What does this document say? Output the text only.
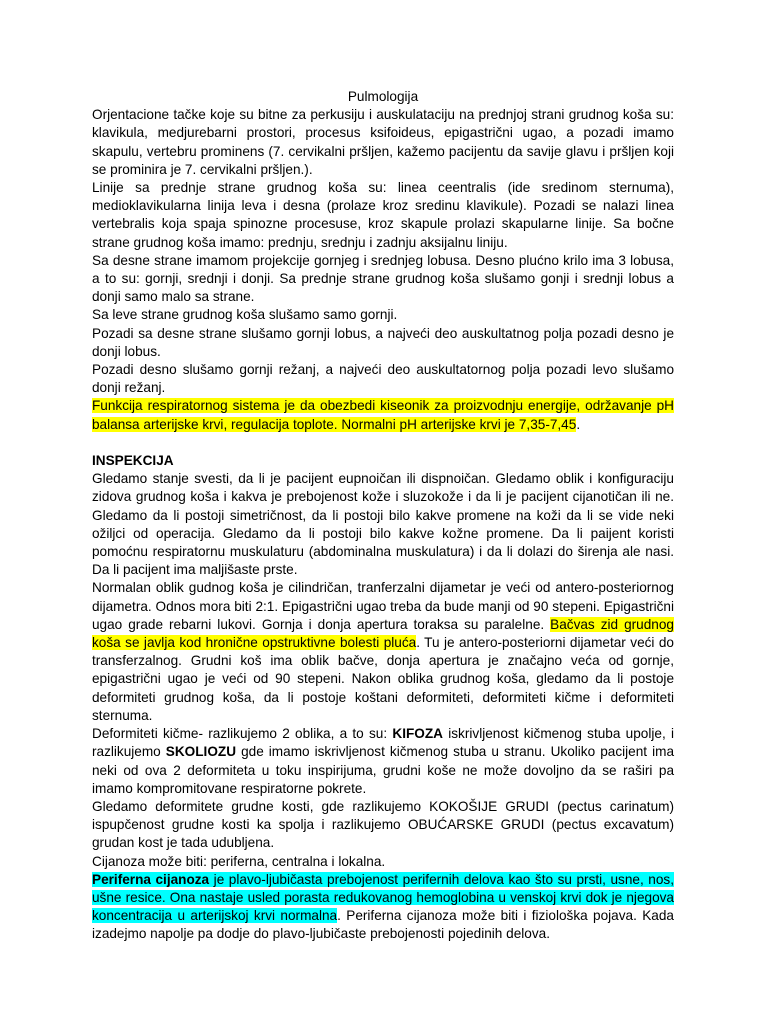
Pulmologija

Orjentacione tačke koje su bitne za perkusiju i auskulataciju na prednjoj strani grudnog koša su: klavikula, medjurebarni prostori, procesus ksifoideus, epigastrični ugao, a pozadi imamo skapulu, vertebru prominens (7. cervikalni pršljen, kažemo pacijentu da savije glavu i pršljen koji se prominira je 7. cervikalni pršljen.).

Linije sa prednje strane grudnog koša su: linea ceentralis (ide sredinom sternuma), medioklavikularna linija leva i desna (prolaze kroz sredinu klavikule). Pozadi se nalazi linea vertebralis koja spaja spinozne procesuse, kroz skapule prolazi skapularne linije. Sa bočne strane grudnog koša imamo: prednju, srednju i zadnju aksijalnu liniju.

Sa desne strane imamom projekcije gornjeg i srednjeg lobusa. Desno plućno krilo ima 3 lobusa, a to su: gornji, srednji i donji. Sa prednje strane grudnog koša slušamo gonji i srednji lobus a donji samo malo sa strane.

Sa leve strane grudnog koša slušamo samo gornji.

Pozadi sa desne strane slušamo gornji lobus, a najveći deo auskultatnog polja pozadi desno je donji lobus.

Pozadi desno slušamo gornji režanj, a najveći deo auskultatornog polja pozadi levo slušamo donji režanj.

Funkcija respiratornog sistema je da obezbedi kiseonik za proizvodnju energije, održavanje pH balansa arterijske krvi, regulacija toplote. Normalni pH arterijske krvi je 7,35-7,45.

INSPEKCIJA

Gledamo stanje svesti, da li je pacijent eupnoičan ili dispnoičan. Gledamo oblik i konfiguraciju zidova grudnog koša i kakva je prebojenost kože i sluzokože i da li je pacijent cijanotičan ili ne. Gledamo da li postoji simetričnost, da li postoji bilo kakve promene na koži da li se vide neki ožiljci od operacija. Gledamo da li postoji bilo kakve kožne promene. Da li paijent koristi pomoćnu respiratornu muskulaturu (abdominalna muskulatura) i da li dolazi do širenja ale nasi. Da li pacijent ima maljišaste prste.

Normalan oblik gudnog koša je cilindričan, tranferzalni dijametar je veći od antero-posteriornog dijametra. Odnos mora biti 2:1. Epigastrični ugao treba da bude manji od 90 stepeni. Epigastrični ugao grade rebarni lukovi. Gornja i donja apertura toraksa su paralelne. Bačvas zid grudnog koša se javlja kod hronične opstruktivne bolesti pluća. Tu je antero-posteriorni dijametar veći do transferzalnog. Grudni koš ima oblik bačve, donja apertura je značajno veća od gornje, epigastrični ugao je veći od 90 stepeni. Nakon oblika grudnog koša, gledamo da li postoje deformiteti grudnog koša, da li postoje koštani deformiteti, deformiteti kičme i deformiteti sternuma.

Deformiteti kičme- razlikujemo 2 oblika, a to su: KIFOZA iskrivljenost kičmenog stuba upolje, i razlikujemo SKOLIOZU gde imamo iskrivljenost kičmenog stuba u stranu. Ukoliko pacijent ima neki od ova 2 deformiteta u toku inspirijuma, grudni koše ne može dovoljno da se raširi pa imamo kompromitovane respiratorne pokrete.

Gledamo deformitete grudne kosti, gde razlikujemo KOKOŠIJE GRUDI (pectus carinatum) ispupčenost grudne kosti ka spolja i razlikujemo OBUĆARSKE GRUDI (pectus excavatum) grudan kost je tada udubljena.

Cijanoza može biti: periferna, centralna i lokalna.

Periferna cijanoza je plavo-ljubičasta prebojenost perifernih delova kao što su prsti, usne, nos, ušne resice. Ona nastaje usled porasta redukovanog hemoglobina u venskoj krvi dok je njegova koncentracija u arterijskoj krvi normalna. Periferna cijanoza može biti i fiziološka pojava. Kada izadejmo napolje pa dodje do plavo-ljubičaste prebojenosti pojedinih delova.
